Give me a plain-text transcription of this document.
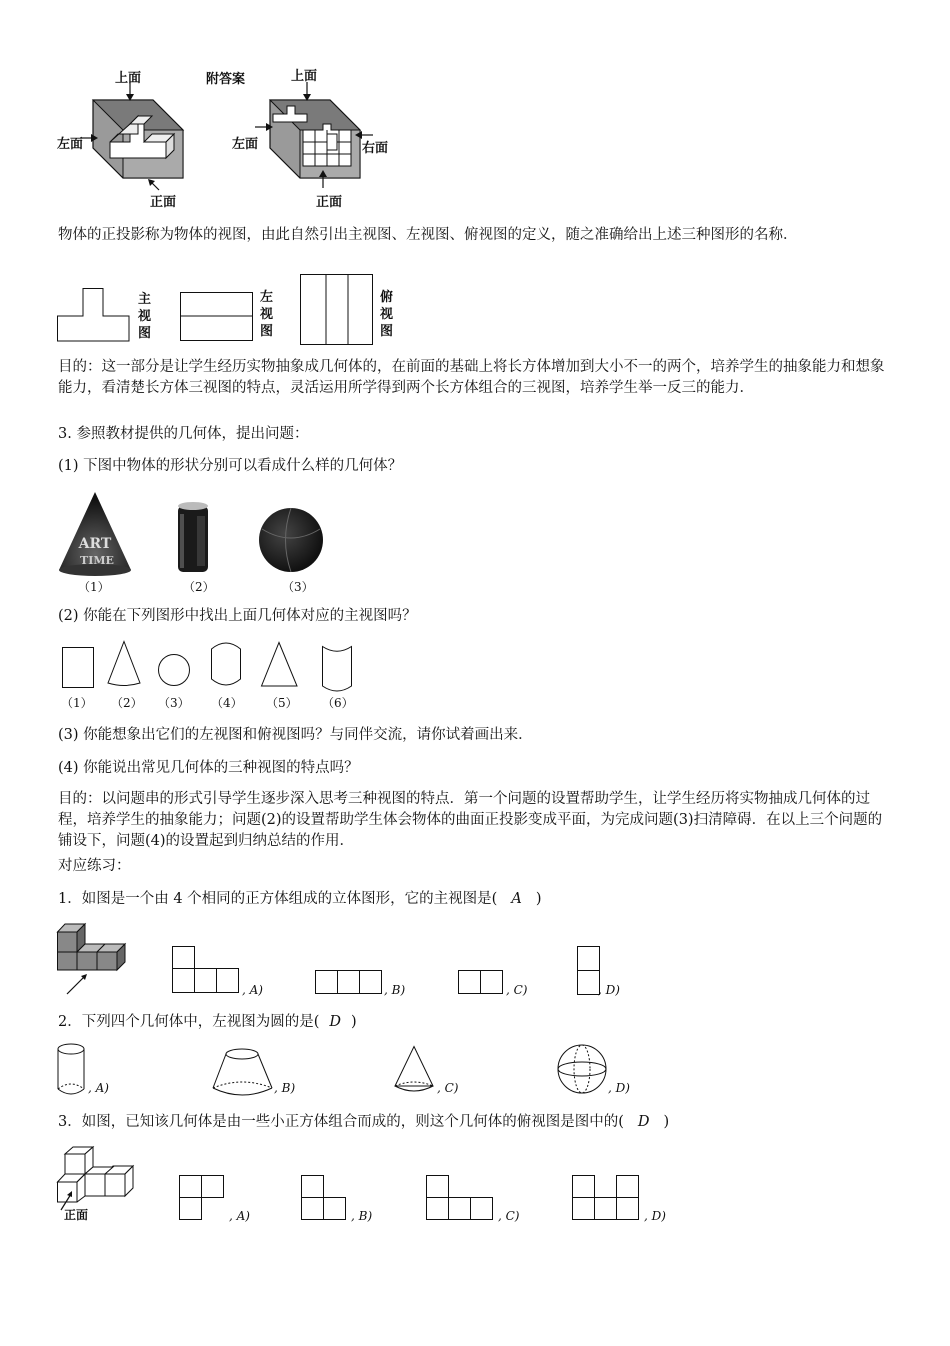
上面
左面
正面
附答案	上面
左面	右面
正面
物体的正投影称为物体的视图，由此自然引出主视图、左视图、俯视图的定义，随之准确给出上述三种图形的名称．
主视图
左视图
俯视图
目的：这一部分是让学生经历实物抽象成几何体的，在前面的基础上将长方体增加到大小不一的两个，培养学生的抽象能力和想象能力，看清楚长方体三视图的特点，灵活运用所学得到两个长方体组合的三视图，培养学生举一反三的能力．
3. 参照教材提供的几何体，提出问题：
(1) 下图中物体的形状分别可以看成什么样的几何体？
ART
TIME
（1）	（2）	（3）
(2) 你能在下列图形中找出上面几何体对应的主视图吗？
（1） （2） （3） （4） （5） （6）
(3) 你能想象出它们的左视图和俯视图吗？与同伴交流，请你试着画出来．
(4) 你能说出常见几何体的三种视图的特点吗？
目的：以问题串的形式引导学生逐步深入思考三种视图的特点．第一个问题的设置帮助学生，让学生经历将实物抽成几何体的过程，培养学生的抽象能力；问题(2)的设置帮助学生体会物体的曲面正投影变成平面，为完成问题(3)扫清障碍．在以上三个问题的铺设下，问题(4)的设置起到归纳总结的作用．
对应练习：
1．如图是一个由 4 个相同的正方体组成的立体图形，它的主视图是( A )
, A)	, B)	, C)	, D)
2．下列四个几何体中，左视图为圆的是( D )
, A)	, B)	, C)	, D)
3．如图，已知该几何体是由一些小正方体组合而成的，则这个几何体的俯视图是图中的( D )
正面	, A)	, B)	, C)	, D)
